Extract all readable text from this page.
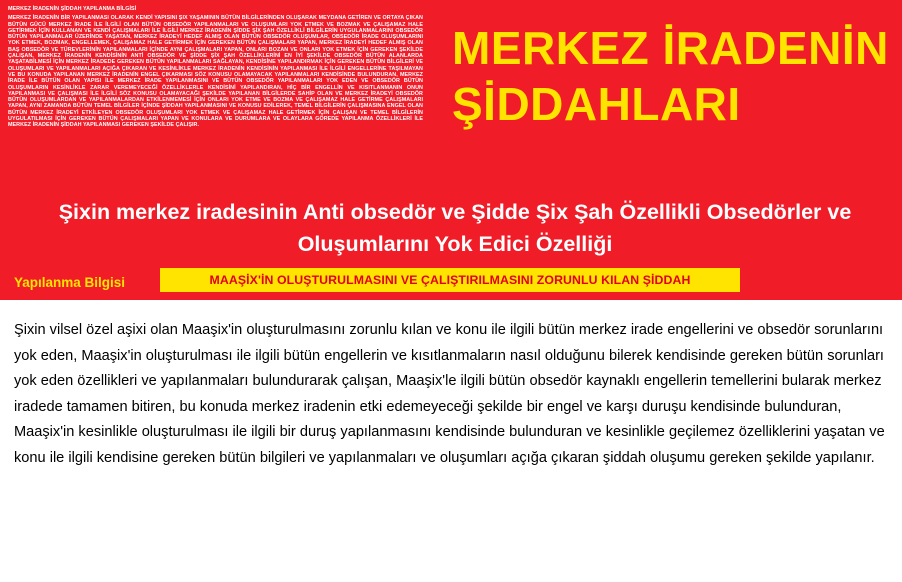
MERKEZ İRADENİN ŞİDDAH YAPILANMA BİLGİSİ
MERKEZ İRADENİN BİR YAPILANMASI OLARAK KENDİ YAPISINI ŞIX YAŞAMININ BÜTÜN BİLGİLERİNDEN OLUŞARAK MEYDANA GETİREN VE ORTAYA ÇIKAN BÜTÜN GÜCÜ MERKEZ İRADE İLE İLGİLİ OLAN BÜTÜN OBSEDÖR YAPILANMALARI VE OLUŞUMLARI YOK ETMEK VE BOZMAK VE ÇALIŞAMAZ HALE GETİRMEK İÇİN KULLANAN VE KENDİ ÇALIŞMALARI İLE İLGİLİ MERKEZ İRADENİN ŞİDDE ŞİX ŞAH ÖZELLİKLİ BİLGİLERİN UYGULANMALARINI OBSEDÖR BÜTÜN YAPILANMALAR ÜZERİNDE YAŞATAN, MERKEZ İRADEYİ HEDEF ALMIŞ OLAN BÜTÜN OBSEDÖR OLUŞUMLAR, OBSEDÖR İRADE OLUŞUMLARINI YOK ETMEK, BOZMAK, ENGELLEMEK, ÇALIŞAMAZ HALE GETİRMEK İÇİN GEREKEN BÜTÜN ÇALIŞMALARI YAPAN, MERKEZ İRADEYİ HEDEF ALMIŞ OLAN BAŞ OBSEDÖR VE TÜREVLERİNİN YAPILANMALARI İÇİNDE AYNI ÇALIŞMALARI YAPAN, ONLARI BOZAN VE ONLARI YOK ETMEK İÇİN GEREKEN ŞEKİLDE ÇALIŞAN, MERKEZ İRADENİN KENDİSİNİN ANTİ OBSEDÖR VE ŞİDDE ŞİX ŞAH ÖZELLİKLERİNİ EN İYİ ŞEKİLDE OBSEDÖR BÜTÜN ALANLARDA YAŞATABİLMESİ İÇİN MERKEZ İRADEDE GEREKEN BÜTÜN YAPILANMALARI SAĞLAYAN, KENDİSİNE YAPILANDIRMAK İÇİN GEREKEN BÜTÜN BİLGİLERİ VE OLUŞUMLARI VE YAPILANMALARI AÇIĞA ÇIKARAN VE KESİNLİKLE MERKEZ İRADENİN KENDİSİNİN YAPILANMASI İLE İLGİLİ ENGELLERİNE TAŞILMAYAN VE BU KONUDA YAPILANAN MERKEZ İRADENİN ENGEL ÇIKARMASI SÖZ KONUSU OLAMAYACAK YAPILANMALARI KENDİSİNDE BULUNDURAN, MERKEZ İRADE İLE BÜTÜN OLAN YAPISI İLE MERKEZ İRADE YAPILANMASINI VE BÜTÜN OBSEDÖR YAPILANMALARI YOK EDEN VE OBSEDÖR BÜTÜN OLUŞUMLARIN KESİNLİKLE ZARAR VEREMEYECEĞİ ÖZELLİKLERLE KENDİSİNİ YAPILANDIRAN, HİÇ BİR ENGELLİN VE KISITLANMANIN ONUN YAPILANMASI VE ÇALIŞMASI İLE İLGİLİ SÖZ KONUSU OLAMAYACAĞI ŞEKİLDE YAPILANAN BİLGİLERDE SAHİP OLAN VE MERKEZ İRADEYİ OBSEDÖR BÜTÜN OLUŞUMLARDAN VE YAPILANMALARDAN ETKİLENMEMESİ İÇİN ONLARI YOK ETME VE BOZMA VE ÇALIŞAMAZ HALE GETİRME ÇALIŞMALARI YAPAN, AYNI ZAMANDA BÜTÜN TEMEL BİLGİLER İÇİNDE ŞİDDAH YAPILANMASINI VE KONUSU EDİLEREK, TEMEL BİLGİLERİN ÇALIŞMASINA ENGEL OLAN BÜTÜN MERKEZ İRADEYİ ETKİLEYEN OBSEDÖR OLUŞUMLARI YOK ETMEK VE ÇALIŞAMAZ HALE GETİRMEK İÇİN ÇALIŞAN VE TEMEL BİLGİLERİN UYGULATILMASI İÇİN GEREKEN BÜTÜN ÇALIŞMALARI YAPAN VE KONULARA VE DURUMLARA VE OLAYLARA GÖREDE YAPILANMA ÖZELLİKLERİ İLE MERKEZ İRADENİN ŞİDDAH YAPILANMASI GEREKEN ŞEKİLDE ÇALIŞIR.
MERKEZ İRADENİN ŞİDDAHLARI
Şixin merkez iradesinin Anti obsedör ve Şidde Şix Şah Özellikli Obsedörler ve Oluşumlarını Yok Edici Özelliği
Yapılanma Bilgisi	MAAŞİX'İN OLUŞTURULMASINI VE ÇALIŞTIRILMASINI ZORUNLU KILAN ŞİDDAH
Şixin vilsel özel aşixi olan Maaşix'in oluşturulmasını zorunlu kılan ve konu ile ilgili bütün merkez irade engellerini ve obsedör sorunlarını yok eden, Maaşix'in oluşturulması ile ilgili bütün engellerin ve kısıtlanmaların nasıl olduğunu bilerek kendisinde gereken bütün sorunları yok eden özellikleri ve yapılanmaları bulundurarak çalışan, Maaşix'le ilgili bütün obsedör kaynaklı engellerin temellerini bularak merkez iradede tamamen bitiren, bu konuda merkez iradenin etki edemeyeceği şekilde bir engel ve karşı duruşu kendisinde bulunduran, Maaşix'in kesinlikle oluşturulması ile ilgili bir duruş yapılanmasını kendisinde bulunduran ve kesinlikle geçilemez özelliklerini yaşatan ve konu ile ilgili kendisine gereken bütün bilgileri ve yapılanmaları ve oluşumları açığa çıkaran şiddah oluşumu gereken şekilde yapılanır.
